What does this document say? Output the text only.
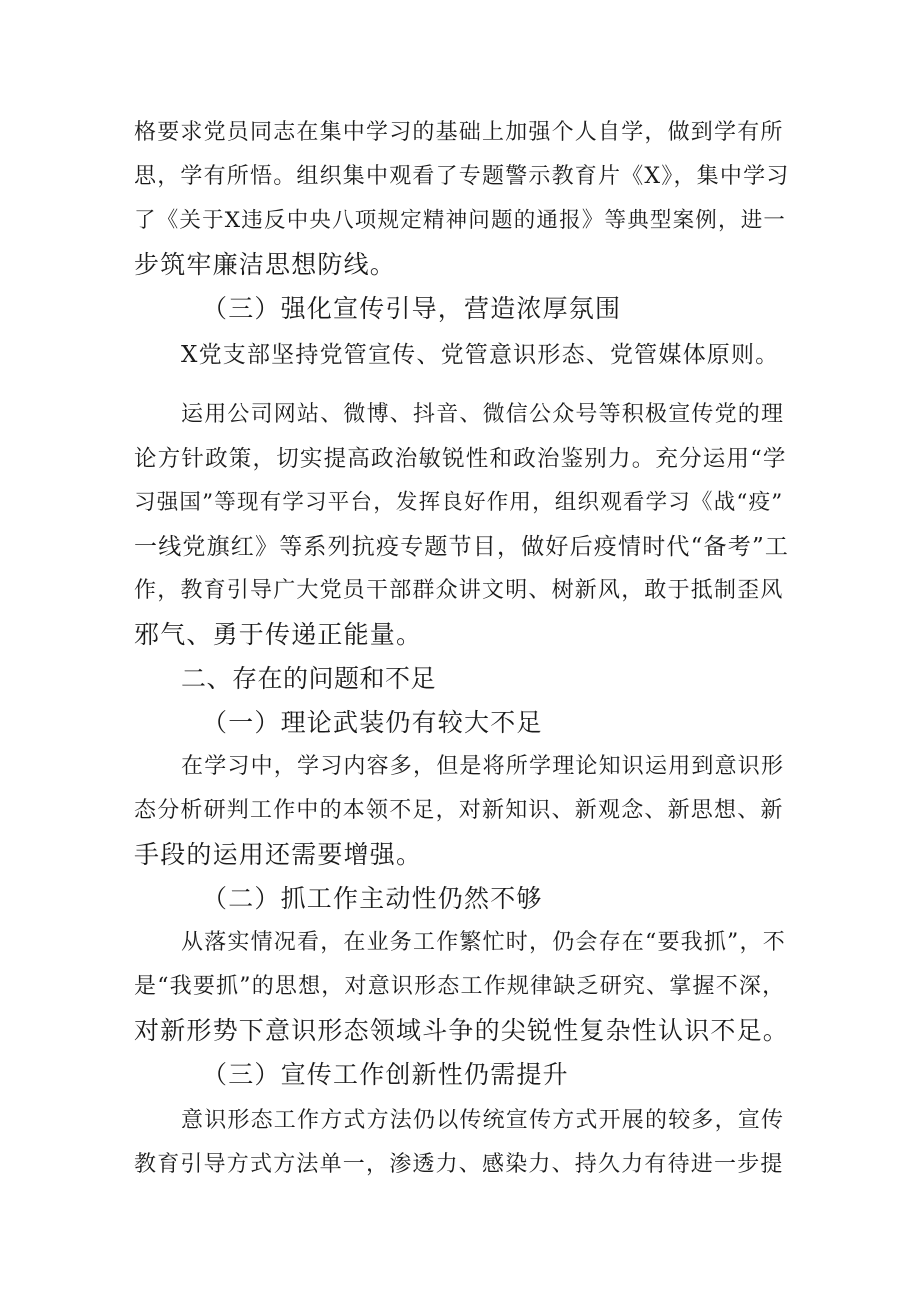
格要求党员同志在集中学习的基础上加强个人自学，做到学有所
思，学有所悟。组织集中观看了专题警示教育片《X》，集中学习
了《关于X违反中央八项规定精神问题的通报》等典型案例，进一
步筑牢廉洁思想防线。
（三）强化宣传引导，营造浓厚氛围
X党支部坚持党管宣传、党管意识形态、党管媒体原则。
运用公司网站、微博、抖音、微信公众号等积极宣传党的理
论方针政策，切实提高政治敏锐性和政治鉴别力。充分运用“学
习强国”等现有学习平台，发挥良好作用，组织观看学习《战“疫”
一线党旗红》等系列抗疫专题节目，做好后疫情时代“备考”工
作，教育引导广大党员干部群众讲文明、树新风，敢于抵制歪风
邪气、勇于传递正能量。
二、存在的问题和不足
（一）理论武装仍有较大不足
在学习中，学习内容多，但是将所学理论知识运用到意识形
态分析研判工作中的本领不足，对新知识、新观念、新思想、新
手段的运用还需要增强。
（二）抓工作主动性仍然不够
从落实情况看，在业务工作繁忙时，仍会存在“要我抓”，不
是“我要抓”的思想，对意识形态工作规律缺乏研究、掌握不深，
对新形势下意识形态领域斗争的尖锐性复杂性认识不足。
（三）宣传工作创新性仍需提升
意识形态工作方式方法仍以传统宣传方式开展的较多，宣传
教育引导方式方法单一，渗透力、感染力、持久力有待进一步提
